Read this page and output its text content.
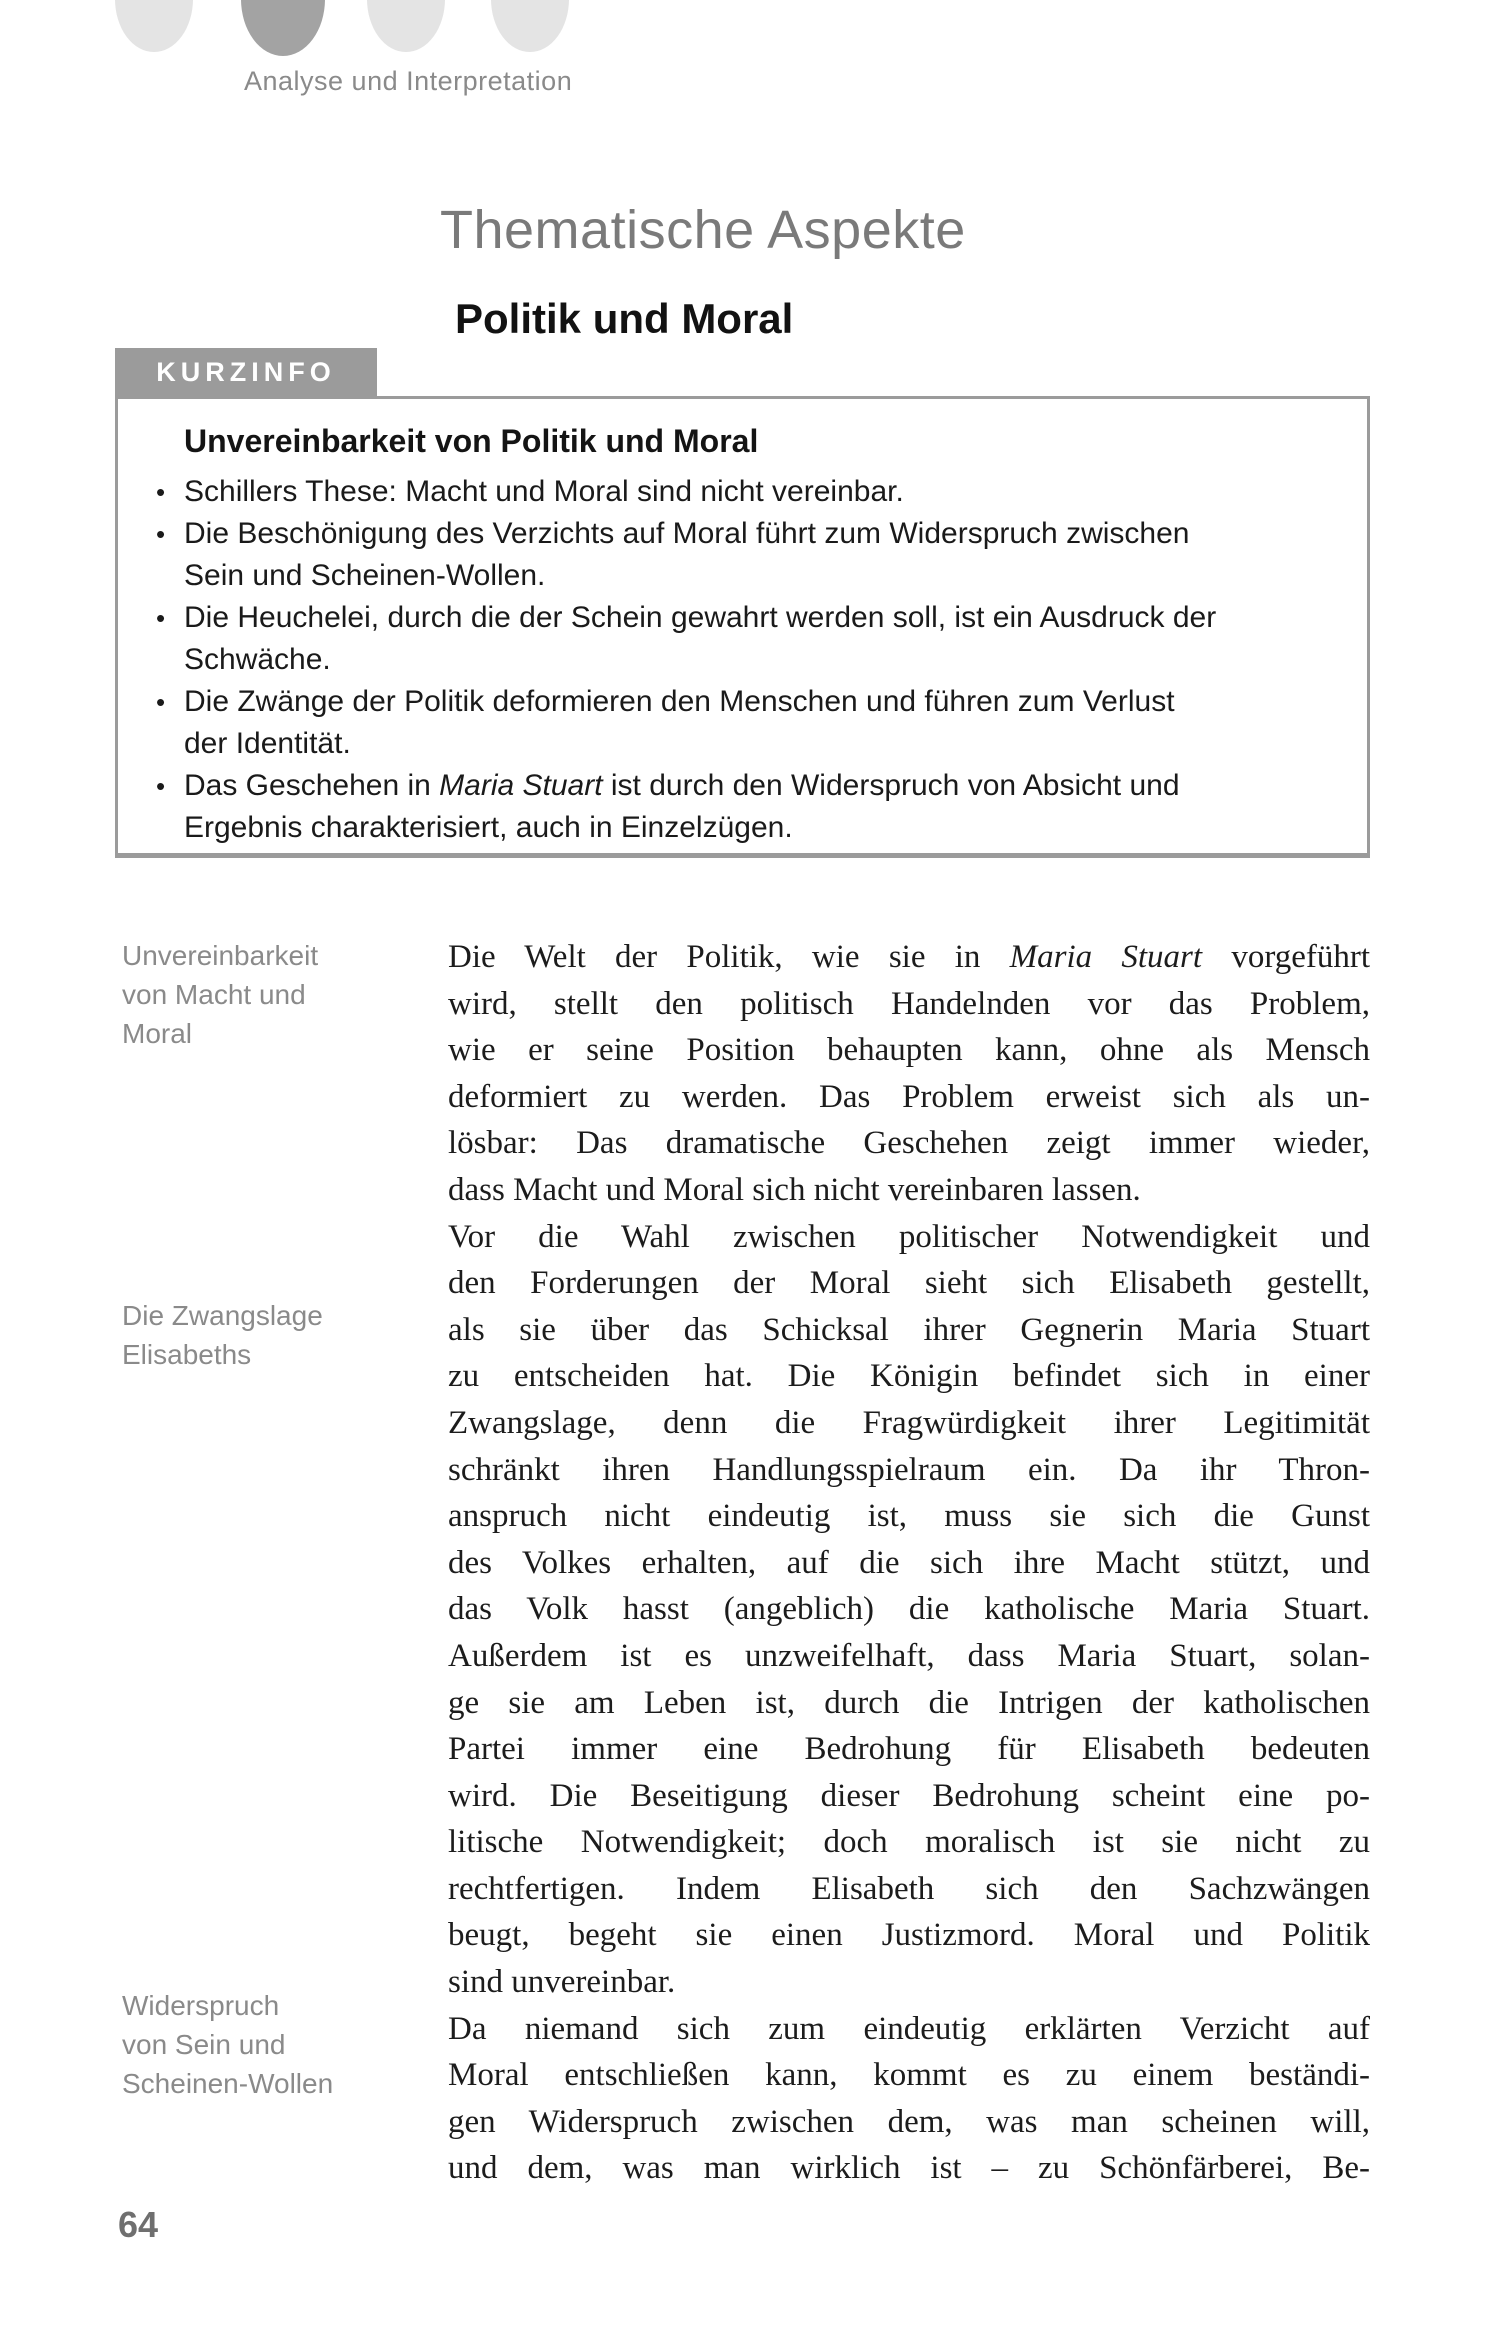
Analyse und Interpretation
Thematische Aspekte
Politik und Moral
KURZINFO
Unvereinbarkeit von Politik und Moral
• Schillers These: Macht und Moral sind nicht vereinbar.
• Die Beschönigung des Verzichts auf Moral führt zum Widerspruch zwischen
Sein und Scheinen-Wollen.
• Die Heuchelei, durch die der Schein gewahrt werden soll, ist ein Ausdruck der
Schwäche.
• Die Zwänge der Politik deformieren den Menschen und führen zum Verlust
der Identität.
• Das Geschehen in Maria Stuart ist durch den Widerspruch von Absicht und
Ergebnis charakterisiert, auch in Einzelzügen.
Unvereinbarkeit
von Macht und
Moral
Die Zwangslage
Elisabeths
Widerspruch
von Sein und
Scheinen-Wollen
Die Welt der Politik, wie sie in Maria Stuart vorgeführt
wird, stellt den politisch Handelnden vor das Problem,
wie er seine Position behaupten kann, ohne als Mensch
deformiert zu werden. Das Problem erweist sich als un-
lösbar: Das dramatische Geschehen zeigt immer wieder,
dass Macht und Moral sich nicht vereinbaren lassen.
Vor die Wahl zwischen politischer Notwendigkeit und
den Forderungen der Moral sieht sich Elisabeth gestellt,
als sie über das Schicksal ihrer Gegnerin Maria Stuart
zu entscheiden hat. Die Königin befindet sich in einer
Zwangslage, denn die Fragwürdigkeit ihrer Legitimität
schränkt ihren Handlungsspielraum ein. Da ihr Thron-
anspruch nicht eindeutig ist, muss sie sich die Gunst
des Volkes erhalten, auf die sich ihre Macht stützt, und
das Volk hasst (angeblich) die katholische Maria Stuart.
Außerdem ist es unzweifelhaft, dass Maria Stuart, solan-
ge sie am Leben ist, durch die Intrigen der katholischen
Partei immer eine Bedrohung für Elisabeth bedeuten
wird. Die Beseitigung dieser Bedrohung scheint eine po-
litische Notwendigkeit; doch moralisch ist sie nicht zu
rechtfertigen. Indem Elisabeth sich den Sachzwängen
beugt, begeht sie einen Justizmord. Moral und Politik
sind unvereinbar.
Da niemand sich zum eindeutig erklärten Verzicht auf
Moral entschließen kann, kommt es zu einem beständi-
gen Widerspruch zwischen dem, was man scheinen will,
und dem, was man wirklich ist – zu Schönfärberei, Be-
64
